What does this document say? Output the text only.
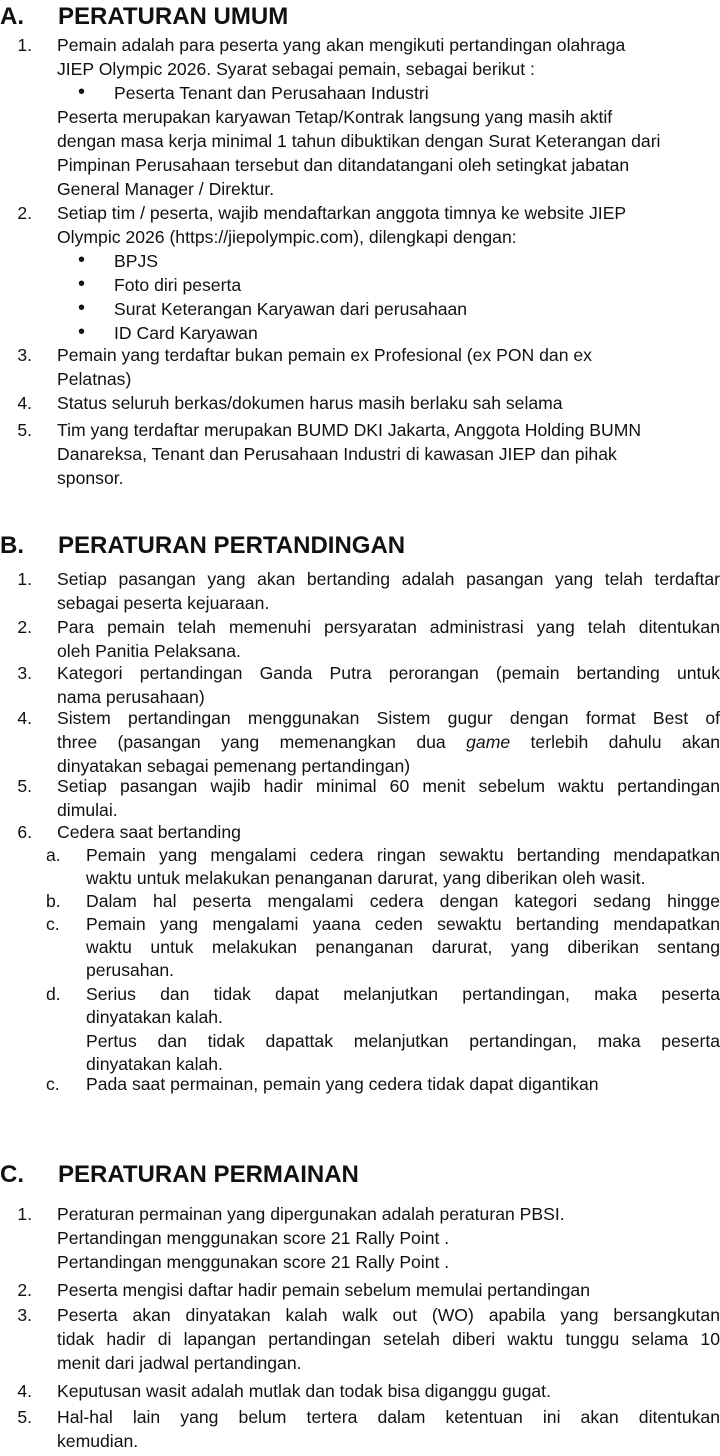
A. PERATURAN UMUM
1. Pemain adalah para peserta yang akan mengikuti pertandingan olahraga
JIEP Olympic 2026. Syarat sebagai pemain, sebagai berikut :
• Peserta Tenant dan Perusahaan Industri
Peserta merupakan karyawan Tetap/Kontrak langsung yang masih aktif
dengan masa kerja minimal 1 tahun dibuktikan dengan Surat Keterangan dari
Pimpinan Perusahaan tersebut dan ditandatangani oleh setingkat jabatan
General Manager / Direktur.
2. Setiap tim / peserta, wajib mendaftarkan anggota timnya ke website JIEP
Olympic 2026 (https://jiepolympic.com), dilengkapi dengan:
• BPJS
• Foto diri peserta
• Surat Keterangan Karyawan dari perusahaan
• ID Card Karyawan
3. Pemain yang terdaftar bukan pemain ex Profesional (ex PON dan ex
Pelatnas)
4. Status seluruh berkas/dokumen harus masih berlaku sah selama
5. Tim yang terdaftar merupakan BUMD DKI Jakarta, Anggota Holding BUMN
Danareksa, Tenant dan Perusahaan Industri di kawasan JIEP dan pihak
sponsor.
B. PERATURAN PERTANDINGAN
1. Setiap pasangan yang akan bertanding adalah pasangan yang telah terdaftar
sebagai peserta kejuaraan.
2. Para pemain telah memenuhi persyaratan administrasi yang telah ditentukan
oleh Panitia Pelaksana.
3. Kategori pertandingan Ganda Putra perorangan (pemain bertanding untuk
nama perusahaan)
4. Sistem pertandingan menggunakan Sistem gugur dengan format Best of
three (pasangan yang memenangkan dua game terlebih dahulu akan
dinyatakan sebagai pemenang pertandingan)
5. Setiap pasangan wajib hadir minimal 60 menit sebelum waktu pertandingan
dimulai.
6. Cedera saat bertanding
a.	Pemain yang mengalami cedera ringan sewaktu bertanding mendapatkan
waktu untuk melakukan penanganan darurat, yang diberikan oleh wasit.
b.	Dalam hal peserta mengalami cedera dengan kategori sedang hingge
c.	Pemain yang mengalami yaana ceden sewaktu bertanding mendapatkan
waktu untuk melakukan penanganan darurat, yang diberikan sentang
perusahan.
d.	Serius dan tidak dapat melanjutkan pertandingan, maka peserta
dinyatakan kalah.
Pertus dan tidak dapattak melanjutkan pertandingan, maka peserta
dinyatakan kalah.
c.	Pada saat permainan, pemain yang cedera tidak dapat digantikan
C. PERATURAN PERMAINAN
1. Peraturan permainan yang dipergunakan adalah peraturan PBSI.
Pertandingan menggunakan score 21 Rally Point .
Pertandingan menggunakan score 21 Rally Point .
2. Peserta mengisi daftar hadir pemain sebelum memulai pertandingan
3. Peserta akan dinyatakan kalah walk out (WO) apabila yang bersangkutan
tidak hadir di lapangan pertandingan setelah diberi waktu tunggu selama 10
menit dari jadwal pertandingan.
4. Keputusan wasit adalah mutlak dan todak bisa diganggu gugat.
5. Hal-hal lain yang belum tertera dalam ketentuan ini akan ditentukan
kemudian.
